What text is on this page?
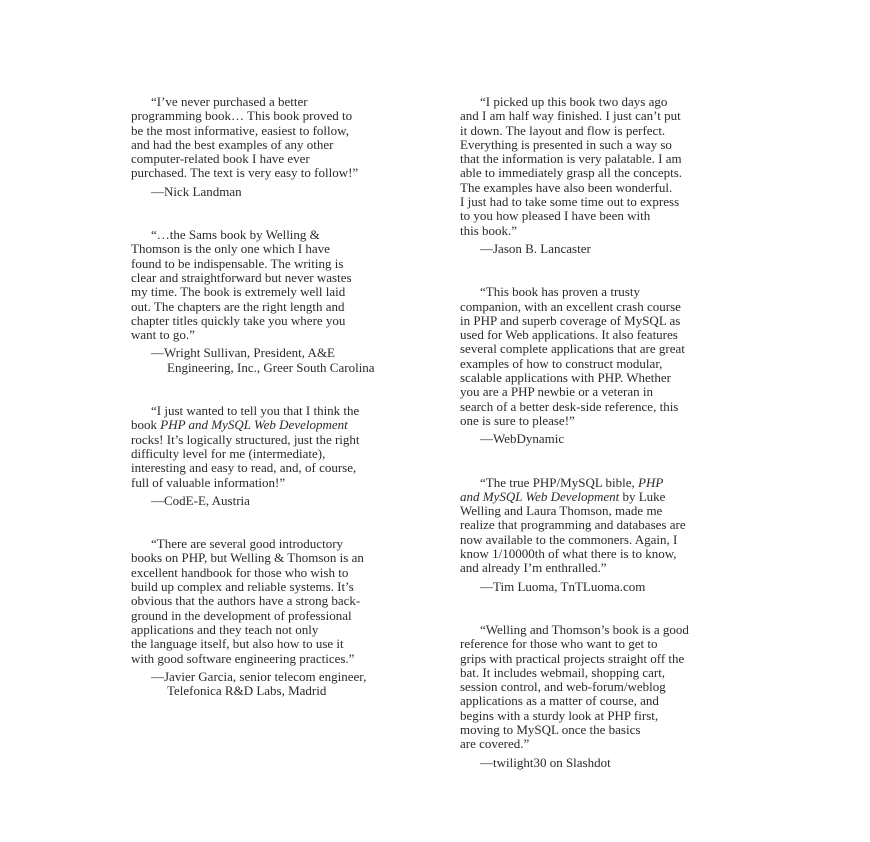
“I’ve never purchased a better
programming book… This book proved to
be the most informative, easiest to follow,
and had the best examples of any other
computer-related book I have ever
purchased. The text is very easy to follow!”
—Nick Landman
“…the Sams book by Welling &
Thomson is the only one which I have
found to be indispensable. The writing is
clear and straightforward but never wastes
my time. The book is extremely well laid
out. The chapters are the right length and
chapter titles quickly take you where you
want to go.”
—Wright Sullivan, President, A&E
Engineering, Inc., Greer South Carolina
“I just wanted to tell you that I think the
book PHP and MySQL Web Development
rocks! It’s logically structured, just the right
difficulty level for me (intermediate),
interesting and easy to read, and, of course,
full of valuable information!”
—CodE-E, Austria
“There are several good introductory
books on PHP, but Welling & Thomson is an
excellent handbook for those who wish to
build up complex and reliable systems. It’s
obvious that the authors have a strong back-
ground in the development of professional
applications and they teach not only
the language itself, but also how to use it
with good software engineering practices.”
—Javier Garcia, senior telecom engineer,
Telefonica R&D Labs, Madrid
“I picked up this book two days ago
and I am half way finished. I just can’t put
it down. The layout and flow is perfect.
Everything is presented in such a way so
that the information is very palatable. I am
able to immediately grasp all the concepts.
The examples have also been wonderful.
I just had to take some time out to express
to you how pleased I have been with
this book.”
—Jason B. Lancaster
“This book has proven a trusty
companion, with an excellent crash course
in PHP and superb coverage of MySQL as
used for Web applications. It also features
several complete applications that are great
examples of how to construct modular,
scalable applications with PHP. Whether
you are a PHP newbie or a veteran in
search of a better desk-side reference, this
one is sure to please!”
—WebDynamic
“The true PHP/MySQL bible, PHP
and MySQL Web Development by Luke
Welling and Laura Thomson, made me
realize that programming and databases are
now available to the commoners. Again, I
know 1/10000th of what there is to know,
and already I’m enthralled.”
—Tim Luoma, TnTLuoma.com
“Welling and Thomson’s book is a good
reference for those who want to get to
grips with practical projects straight off the
bat. It includes webmail, shopping cart,
session control, and web-forum/weblog
applications as a matter of course, and
begins with a sturdy look at PHP first,
moving to MySQL once the basics
are covered.”
—twilight30 on Slashdot
